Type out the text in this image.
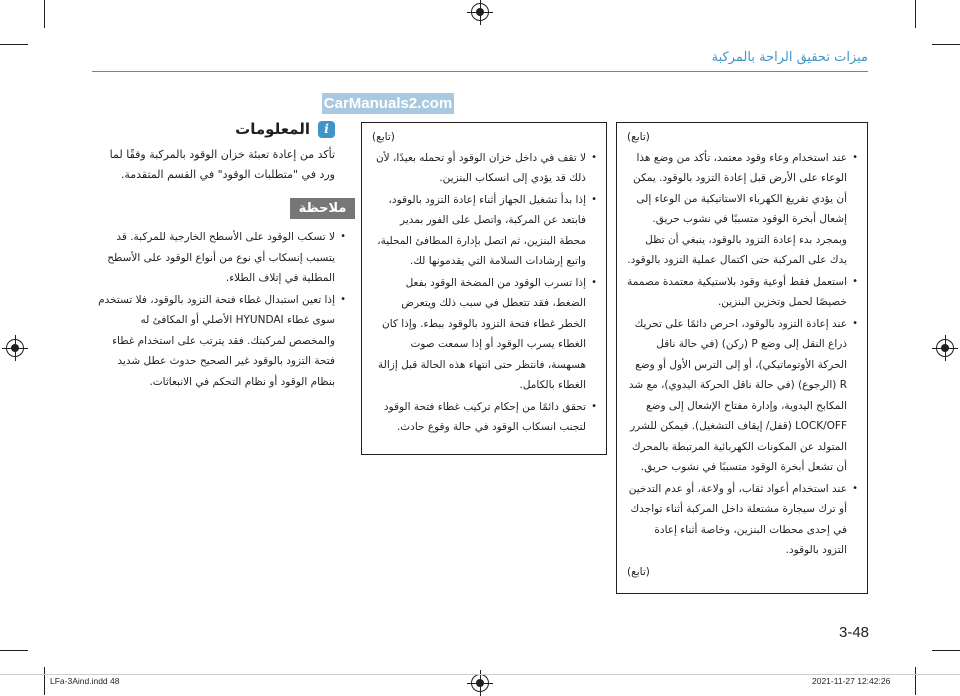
ميزات تحقيق الراحة بالمركبة
CarManuals2.com
i
المعلومات
تأكد من إعادة تعبئة خزان الوقود بالمركبة وفقًا لما
ورد في "متطلبات الوقود" في القسم المتقدمة.
ملاحظة
• لا تسكب الوقود على الأسطح الخارجية للمركبة. قد يتسبب إنسكاب أي نوع من أنواع الوقود على الأسطح المطلية في إتلاف الطلاء.
• إذا تعين استبدال غطاء فتحة التزود بالوقود، فلا تستخدم سوى غطاء HYUNDAI الأصلي أو المكافئ له والمخصص لمركبتك. فقد يترتب على استخدام غطاء فتحة التزود بالوقود غير الصحيح حدوث عطل شديد بنظام الوقود أو نظام التحكم في الانبعاثات.
(تابع)
• لا تقف في داخل خزان الوقود أو تحمله بعيدًا، لأن ذلك قد يؤدي إلى انسكاب البنزين.
• إذا بدأ تشغيل الجهاز أثناء إعادة التزود بالوقود، فابتعد عن المركبة، واتصل على الفور بمدير محطة البنزين، ثم اتصل بإدارة المطافئ المحلية، واتبع إرشادات السلامة التي يقدمونها لك.
• إذا تسرب الوقود من المضخة الوقود بفعل الضغط، فقد تتعطل في سبب ذلك ويتعرض الخطر غطاء فتحة التزود بالوقود ببطء. وإذا كان الغطاء يسرب الوقود أو إذا سمعت صوت هسهسة، فانتظر حتى انتهاء هذه الحالة قبل إزالة الغطاء بالكامل.
• تحقق دائمًا من إحكام تركيب غطاء فتحة الوقود لتجنب انسكاب الوقود في حالة وقوع حادث.
(تابع)
• عند استخدام وعاء وقود معتمد، تأكد من وضع هذا الوعاء على الأرض قبل إعادة التزود بالوقود. يمكن أن يؤدي تفريغ الكهرباء الاستاتيكية من الوعاء إلى إشعال أبخرة الوقود متسببًا في نشوب حريق. وبمجرد بدء إعادة التزود بالوقود، ينبغي أن تظل يدك على المركبة حتى اكتمال عملية التزود بالوقود.
• استعمل فقط أوعية وقود بلاستيكية معتمدة مصممة خصيصًا لحمل وتخزين البنزين.
• عند إعادة التزود بالوقود، احرص دائمًا على تحريك ذراع النقل إلى وضع P (ركن) (في حالة ناقل الحركة الأوتوماتيكي)، أو إلى الترس الأول أو وضع R (الرجوع) (في حالة ناقل الحركة اليدوي)، مع شد المكابح اليدوية، وإدارة مفتاح الإشعال إلى وضع LOCK/OFF (قفل/ إيقاف التشغيل). فيمكن للشرر المتولد عن المكونات الكهربائية المرتبطة بالمحرك أن تشعل أبخرة الوقود متسببًا في نشوب حريق.
• عند استخدام أعواد ثقاب، أو ولاعة، أو عدم التدخين أو ترك سيجارة مشتعلة داخل المركبة أثناء تواجدك في إحدى محطات البنزين، وخاصة أثناء إعادة التزود بالوقود.
(تابع)
3-48
LFa-3Aind.indd 48	2021-11-27 12:42:26
